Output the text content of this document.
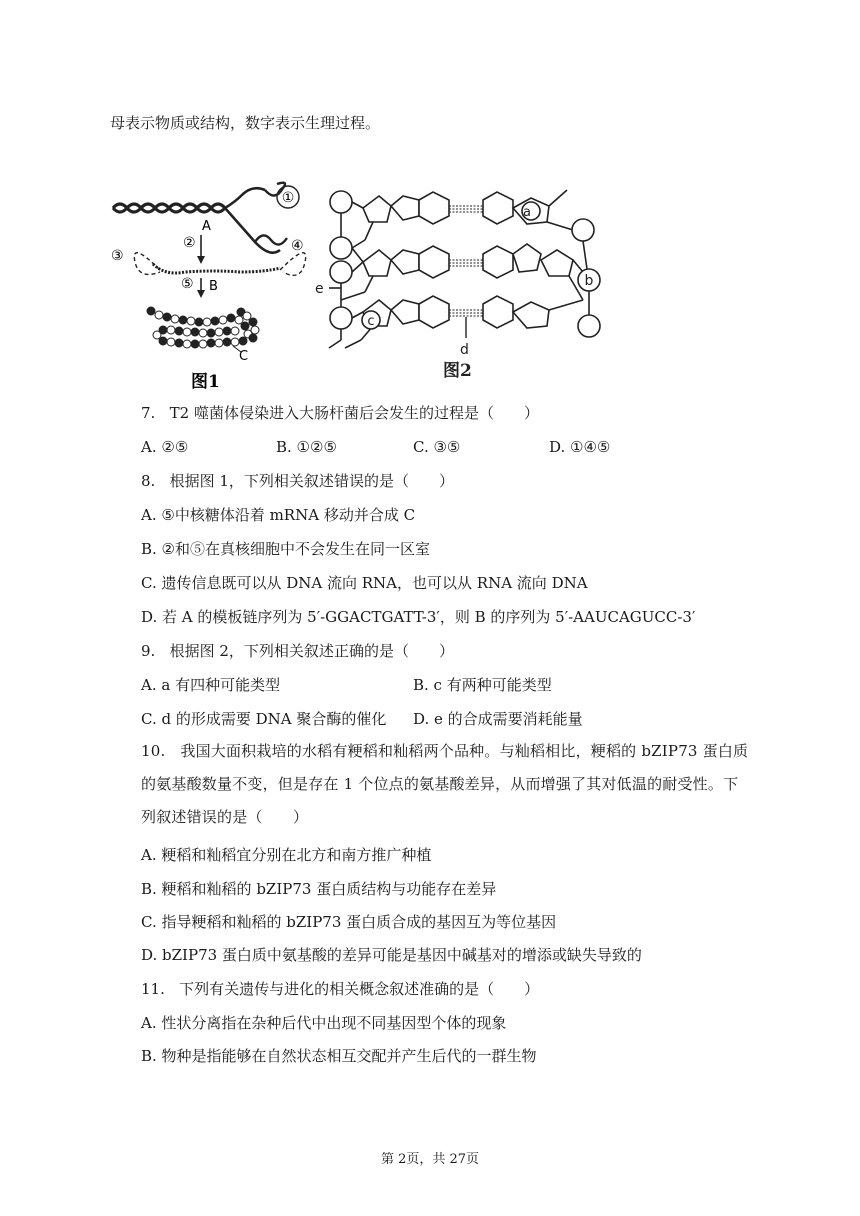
母表示物质或结构，数字表示生理过程。
①
A
②
③
④
⑤ B
C
图1
a
b
c
d
e
图2
7. T2 噬菌体侵染进入大肠杆菌后会发生的过程是（　　）
A. ②⑤	B. ①②⑤	C. ③⑤	D. ①④⑤
8. 根据图 1，下列相关叙述错误的是（　　）
A. ⑤中核糖体沿着 mRNA 移动并合成 C
B. ②和⑤在真核细胞中不会发生在同一区室
C. 遗传信息既可以从 DNA 流向 RNA，也可以从 RNA 流向 DNA
D. 若 A 的模板链序列为 5′-GGACTGATT-3′，则 B 的序列为 5′-AAUCAGUCC-3′
9. 根据图 2，下列相关叙述正确的是（　　）
A. a 有四种可能类型	B. c 有两种可能类型
C. d 的形成需要 DNA 聚合酶的催化 D. e 的合成需要消耗能量
10. 我国大面积栽培的水稻有粳稻和籼稻两个品种。与籼稻相比，粳稻的 bZIP73 蛋白质的氨基酸数量不变，但是存在 1 个位点的氨基酸差异，从而增强了其对低温的耐受性。下列叙述错误的是（　　）
A. 粳稻和籼稻宜分别在北方和南方推广种植
B. 粳稻和籼稻的 bZIP73 蛋白质结构与功能存在差异
C. 指导粳稻和籼稻的 bZIP73 蛋白质合成的基因互为等位基因
D. bZIP73 蛋白质中氨基酸的差异可能是基因中碱基对的增添或缺失导致的
11. 下列有关遗传与进化的相关概念叙述准确的是（　　）
A. 性状分离指在杂种后代中出现不同基因型个体的现象
B. 物种是指能够在自然状态相互交配并产生后代的一群生物
第 2页，共 27页
